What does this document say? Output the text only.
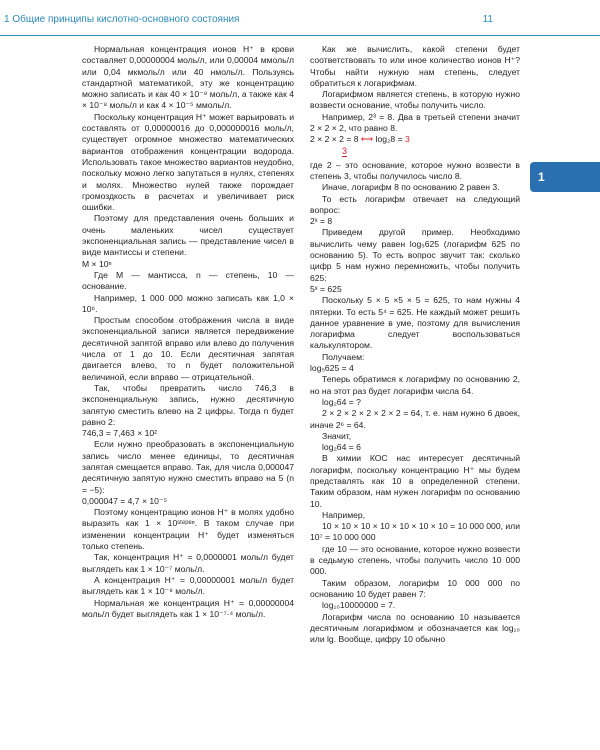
1 Общие принципы кислотно-основного состояния	11
1

Нормальная концентрация ионов H⁺ в крови составляет 0,00000004 моль/л, или 0,00004 ммоль/л или 0,04 мкмоль/л или 40 нмоль/л. Пользуясь стандартной математикой, эту же концентрацию можно записать и как 40 × 10⁻⁹ моль/л, а также как 4 × 10⁻⁸ моль/л и как 4 × 10⁻⁵ ммоль/л.

Поскольку концентрация H⁺ может варьировать и составлять от 0,00000016 до 0,000000016 моль/л, существует огромное множество математических вариантов отображения концентрации водорода. Использовать такое множество вариантов неудобно, поскольку можно легко запутаться в нулях, степенях и молях. Множество нулей также порождает громоздкость в расчетах и увеличивает риск ошибки.

Поэтому для представления очень больших и очень маленьких чисел существует экспоненциальная запись — представление чисел в виде мантиссы и степени.

M × 10ⁿ

Где M — мантисса, n — степень, 10 — основание.

Например, 1 000 000 можно записать как 1,0 × 10⁶.

Простым способом отображения числа в виде экспоненциальной записи является передвижение десятичной запятой вправо или влево до получения числа от 1 до 10. Если десятичная запятая двигается влево, то n будет положительной величиной, если вправо — отрицательной.

Так, чтобы превратить число 746,3 в экспоненциальную запись, нужно десятичную запятую сместить влево на 2 цифры. Тогда n будет равно 2:

746,3 = 7,463 × 10²

Если нужно преобразовать в экспоненциальную запись число менее единицы, то десятичная запятая смещается вправо. Так, для числа 0,000047 десятичную запятую нужно сместить вправо на 5 (n = −5):

0,000047 = 4,7 × 10⁻⁵

Поэтому концентрацию ионов H⁺ в молях удобно выразить как 1 × 10ˢᵗᵉᵖᵉⁿ. В таком случае при изменении концентрации H⁺ будет изменяться только степень.

Так, концентрация H⁺ = 0,0000001 моль/л будет выглядеть как 1 × 10⁻⁷ моль/л.

А концентрация H⁺ = 0,00000001 моль/л будет выглядеть как 1 × 10⁻⁸ моль/л.

Нормальная же концентрация H⁺ = 0,00000004 моль/л будет выглядеть как 1 × 10⁻⁷·⁴ моль/л.

Как же вычислить, какой степени будет соответствовать то или иное количество ионов H⁺? Чтобы найти нужную нам степень, следует обратиться к логарифмам.

Логарифмом является степень, в которую нужно возвести основание, чтобы получить число.

Например, 2³ = 8. Два в третьей степени значит 2 × 2 × 2, что равно 8.

2 × 2 × 2 = 8 ⟷ log₂8 = 3

3

где 2 – это основание, которое нужно возвести в степень 3, чтобы получилось число 8.

Иначе, логарифм 8 по основанию 2 равен 3.

То есть логарифм отвечает на следующий вопрос:

2ˣ = 8

Приведем другой пример. Необходимо вычислить чему равен log₅625 (логарифм 625 по основанию 5). То есть вопрос звучит так: сколько цифр 5 нам нужно перемножить, чтобы получить 625:

5ˣ = 625

Поскольку 5 × 5 ×5 × 5 = 625, то нам нужны 4 пятерки. То есть 5⁴ = 625. Не каждый может решить данное уравнение в уме, поэтому для вычисления логарифма следует воспользоваться калькулятором.

Получаем:

log₅625 = 4

Теперь обратимся к логарифму по основанию 2, но на этот раз будет логарифм числа 64.

log₂64 = ?

2 × 2 × 2 × 2 × 2 × 2 = 64, т. е. нам нужно 6 двоек, иначе 2⁶ = 64.

Значит,

log₂64 = 6

В химии КОС нас интересует десятичный логарифм, поскольку концентрацию H⁺ мы будем представлять как 10 в определенной степени. Таким образом, нам нужен логарифм по основанию 10.

Например,

10 × 10 × 10 × 10 × 10 × 10 × 10 = 10 000 000, или 10⁷ = 10 000 000

где 10 — это основание, которое нужно возвести в седьмую степень, чтобы получить число 10 000 000.

Таким образом, логарифм 10 000 000 по основанию 10 будет равен 7:

log₁₀10000000 = 7.

Логарифм числа по основанию 10 называется десятичным логарифмом и обозначается как log₁₀ или lg. Вообще, цифру 10 обычно
